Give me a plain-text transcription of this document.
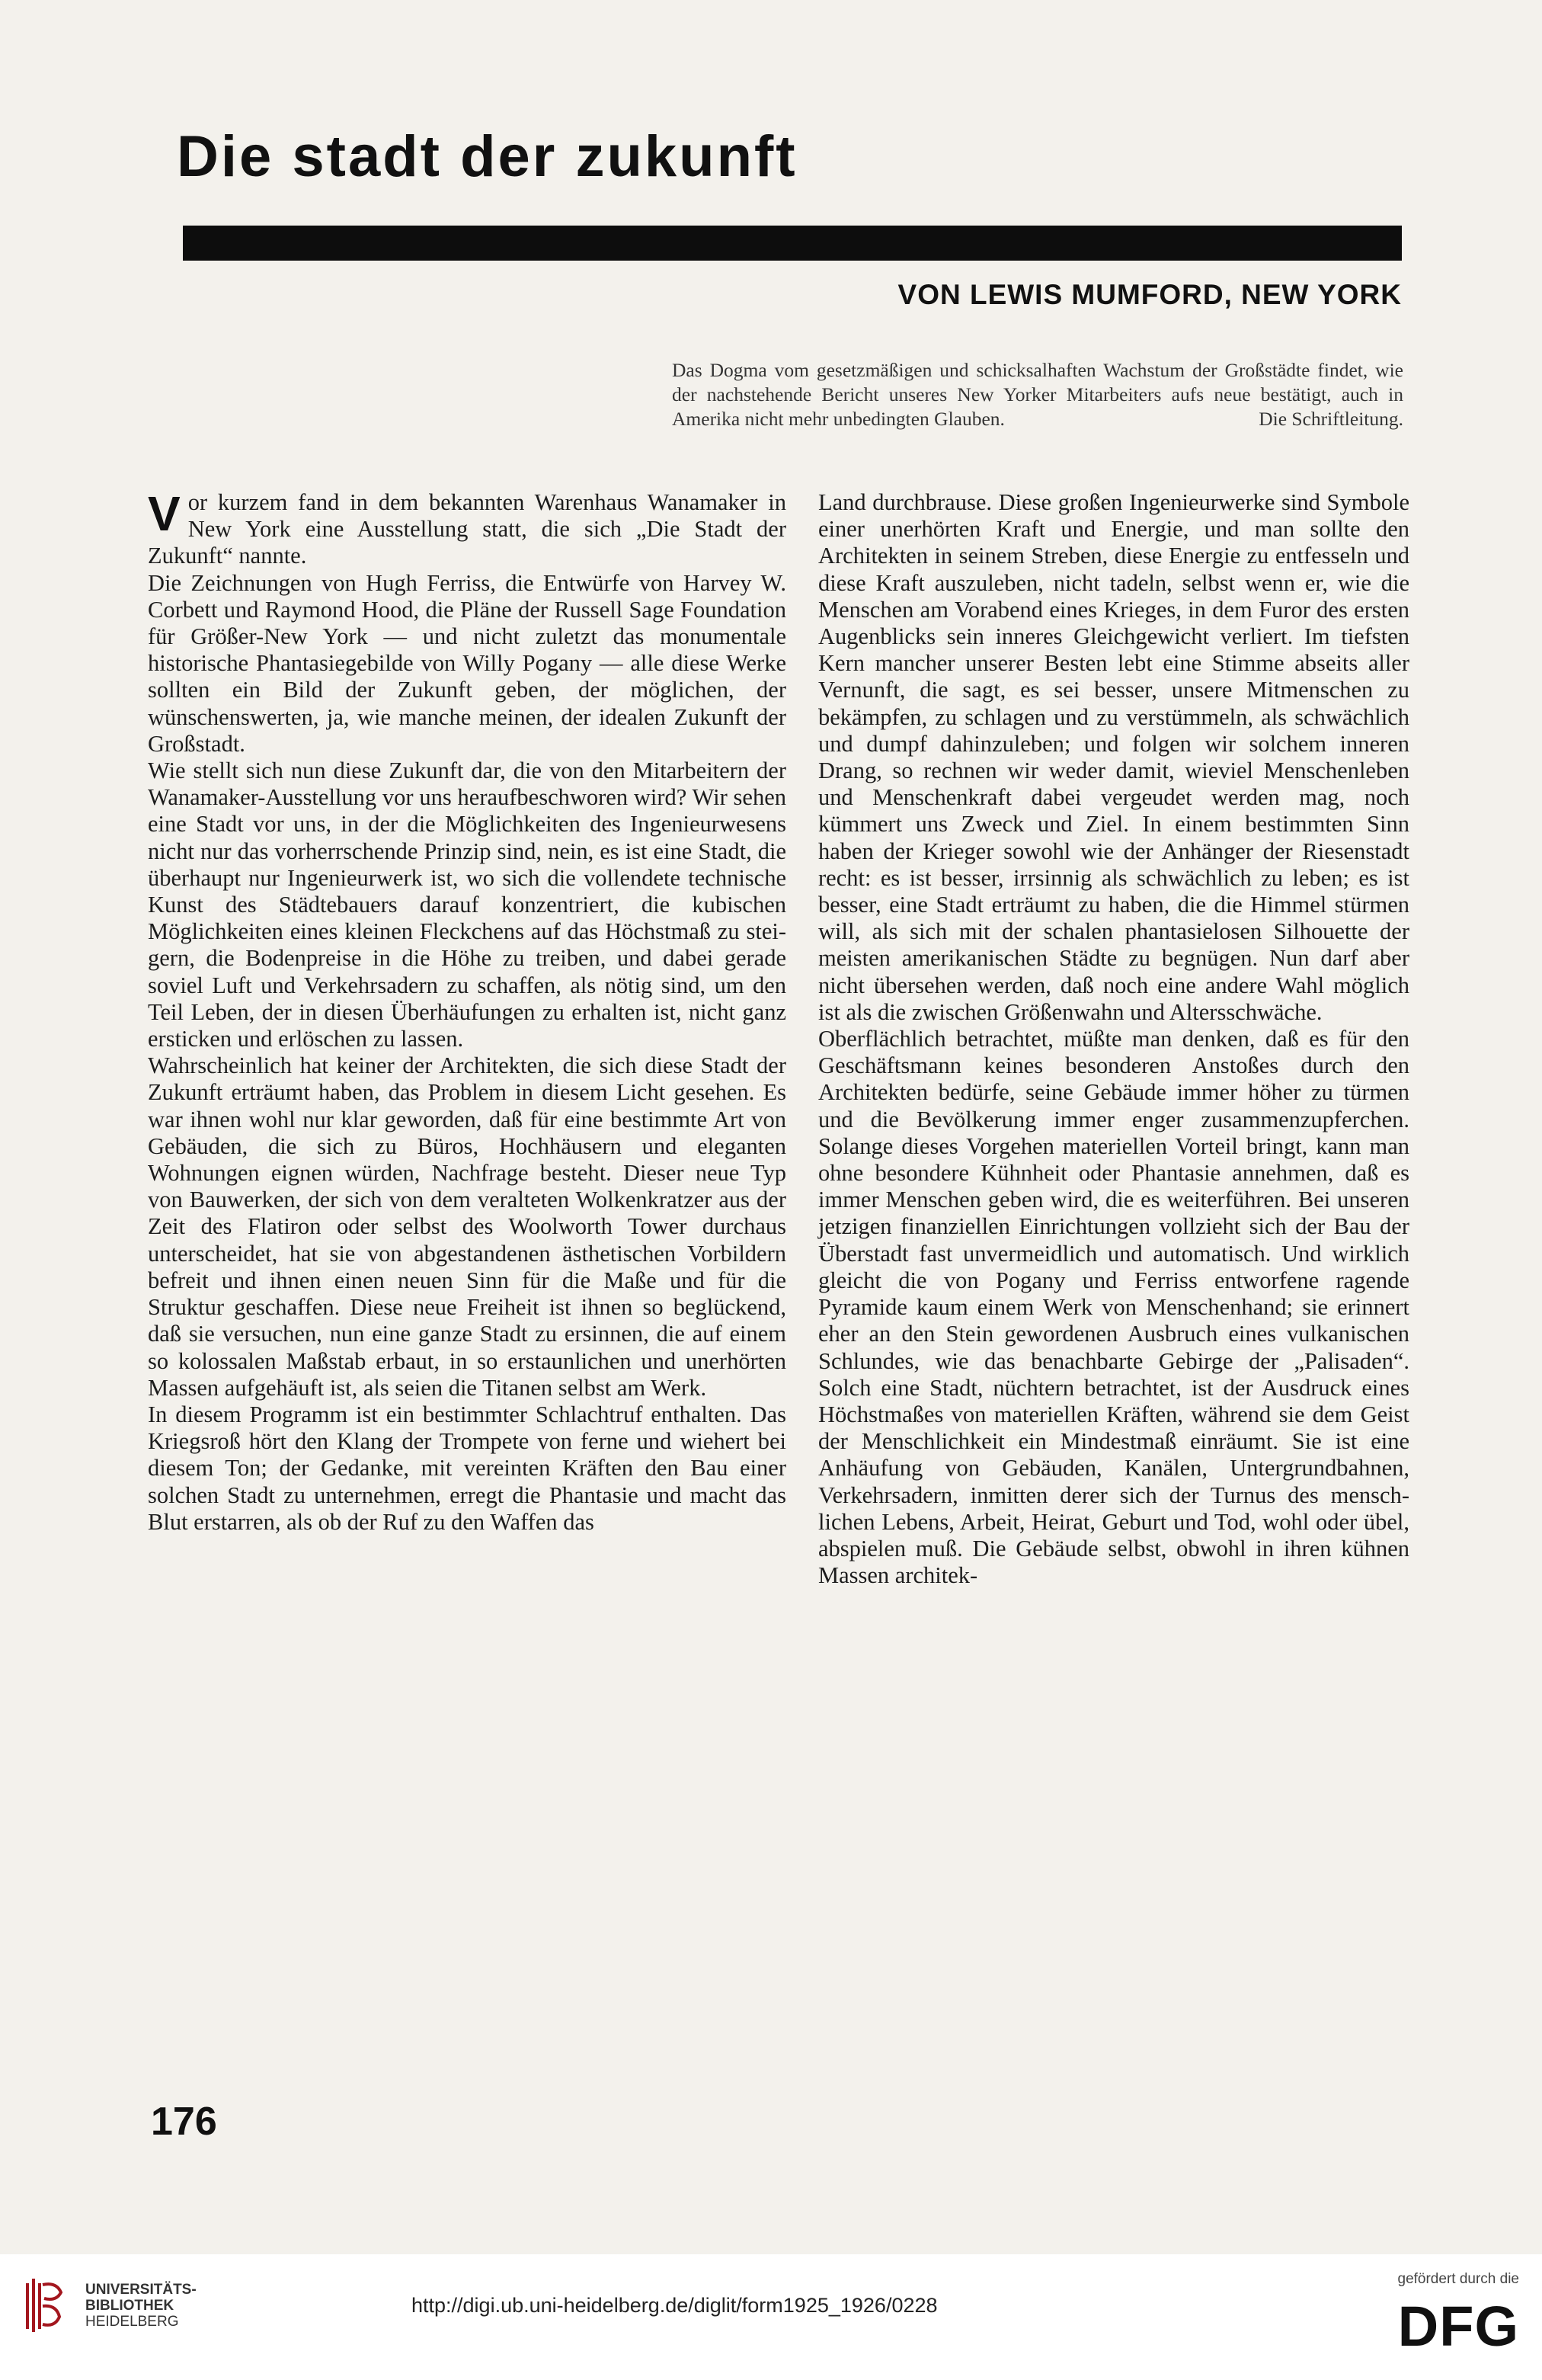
Die stadt der zukunft
VON LEWIS MUMFORD, NEW YORK
Das Dogma vom gesetzmäßigen und schicksalhaften Wachstum der Großstädte findet, wie der nachstehende Bericht unseres New Yorker Mitarbeiters aufs neue bestätigt, auch in Amerika nicht mehr unbedingten Glauben.	Die Schriftleitung.

Vor kurzem fand in dem bekannten Warenhaus Wanamaker in New York eine Ausstellung statt, die sich „Die Stadt der Zukunft“ nannte.

Die Zeichnungen von Hugh Ferriss, die Entwürfe von Harvey W. Corbett und Raymond Hood, die Pläne der Russell Sage Foundation für Größer-New York — und nicht zuletzt das monumentale historische Phantasiegebilde von Willy Pogany — alle diese Werke sollten ein Bild der Zukunft geben, der möglichen, der wünschenswerten, ja, wie manche meinen, der idealen Zukunft der Großstadt.

Wie stellt sich nun diese Zukunft dar, die von den Mitarbeitern der Wanamaker-Ausstellung vor uns heraufbeschworen wird? Wir sehen eine Stadt vor uns, in der die Möglichkeiten des Ingenieurwesens nicht nur das vorherrschende Prinzip sind, nein, es ist eine Stadt, die überhaupt nur Ingenieurwerk ist, wo sich die vollendete technische Kunst des Städtebauers darauf konzentriert, die kubischen Möglichkeiten eines kleinen Fleckchens auf das Höchstmaß zu steigern, die Bodenpreise in die Höhe zu treiben, und dabei gerade soviel Luft und Verkehrsadern zu schaffen, als nötig sind, um den Teil Leben, der in diesen Überhäufungen zu erhalten ist, nicht ganz ersticken und erlöschen zu lassen.

Wahrscheinlich hat keiner der Architekten, die sich diese Stadt der Zukunft erträumt haben, das Problem in diesem Licht gesehen. Es war ihnen wohl nur klar geworden, daß für eine bestimmte Art von Gebäuden, die sich zu Büros, Hochhäusern und eleganten Wohnungen eignen würden, Nachfrage besteht. Dieser neue Typ von Bauwerken, der sich von dem veralteten Wolkenkratzer aus der Zeit des Flatiron oder selbst des Woolworth Tower durchaus unterscheidet, hat sie von abgestandenen ästhetischen Vorbildern befreit und ihnen einen neuen Sinn für die Maße und für die Struktur geschaffen. Diese neue Freiheit ist ihnen so beglückend, daß sie versuchen, nun eine ganze Stadt zu ersinnen, die auf einem so kolossalen Maßstab erbaut, in so erstaunlichen und unerhörten Massen aufgehäuft ist, als seien die Titanen selbst am Werk.

In diesem Programm ist ein bestimmter Schlachtruf enthalten. Das Kriegsroß hört den Klang der Trompete von ferne und wiehert bei diesem Ton; der Gedanke, mit vereinten Kräften den Bau einer solchen Stadt zu unternehmen, erregt die Phantasie und macht das Blut erstarren, als ob der Ruf zu den Waffen das

Land durchbrause. Diese großen Ingenieurwerke sind Symbole einer unerhörten Kraft und Energie, und man sollte den Architekten in seinem Streben, diese Energie zu entfesseln und diese Kraft auszuleben, nicht tadeln, selbst wenn er, wie die Menschen am Vorabend eines Krieges, in dem Furor des ersten Augenblicks sein inneres Gleichgewicht verliert. Im tiefsten Kern mancher unserer Besten lebt eine Stimme abseits aller Vernunft, die sagt, es sei besser, unsere Mitmenschen zu bekämpfen, zu schlagen und zu verstümmeln, als schwächlich und dumpf dahinzuleben; und folgen wir solchem inneren Drang, so rechnen wir weder damit, wieviel Menschenleben und Menschenkraft dabei vergeudet werden mag, noch kümmert uns Zweck und Ziel. In einem bestimmten Sinn haben der Krieger sowohl wie der Anhänger der Riesenstadt recht: es ist besser, irrsinnig als schwächlich zu leben; es ist besser, eine Stadt erträumt zu haben, die die Himmel stürmen will, als sich mit der schalen phantasielosen Silhouette der meisten amerikanischen Städte zu begnügen. Nun darf aber nicht übersehen werden, daß noch eine andere Wahl möglich ist als die zwischen Größenwahn und Altersschwäche.

Oberflächlich betrachtet, müßte man denken, daß es für den Geschäftsmann keines besonderen Anstoßes durch den Architekten bedürfe, seine Gebäude immer höher zu türmen und die Bevölkerung immer enger zusammenzupferchen. Solange dieses Vorgehen materiellen Vorteil bringt, kann man ohne besondere Kühnheit oder Phantasie annehmen, daß es immer Menschen geben wird, die es weiterführen. Bei unseren jetzigen finanziellen Einrichtungen vollzieht sich der Bau der Überstadt fast unvermeidlich und automatisch. Und wirklich gleicht die von Pogany und Ferriss entworfene ragende Pyramide kaum einem Werk von Menschenhand; sie erinnert eher an den Stein gewordenen Ausbruch eines vulkanischen Schlundes, wie das benachbarte Gebirge der „Palisaden“. Solch eine Stadt, nüchtern betrachtet, ist der Ausdruck eines Höchstmaßes von materiellen Kräften, während sie dem Geist der Menschlichkeit ein Mindestmaß einräumt. Sie ist eine Anhäufung von Gebäuden, Kanälen, Untergrundbahnen, Verkehrsadern, inmitten derer sich der Turnus des menschlichen Lebens, Arbeit, Heirat, Geburt und Tod, wohl oder übel, abspielen muß. Die Gebäude selbst, obwohl in ihren kühnen Massen architek-

176
UNIVERSITÄTS-
BIBLIOTHEK
HEIDELBERG
http://digi.ub.uni-heidelberg.de/diglit/form1925_1926/0228
gefördert durch die
DFG
